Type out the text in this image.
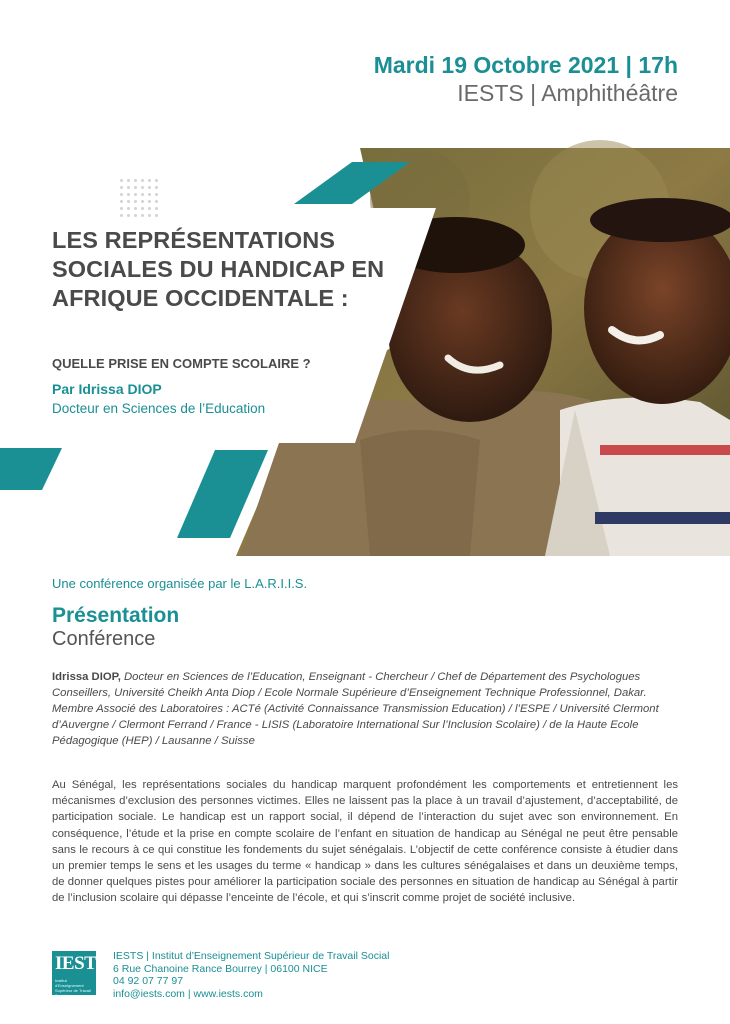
Mardi 19 Octobre 2021 | 17h
IESTS | Amphithéâtre
LES REPRÉSENTATIONS SOCIALES DU HANDICAP EN AFRIQUE OCCIDENTALE :
QUELLE PRISE EN COMPTE SCOLAIRE ?
Par Idrissa DIOP
Docteur en Sciences de l’Education
Une conférence organisée par le L.A.R.I.I.S.
Présentation
Conférence
Idrissa DIOP, Docteur en Sciences de l’Education, Enseignant - Chercheur / Chef de Département des Psychologues Conseillers, Université Cheikh Anta Diop / Ecole Normale Supérieure d’Enseignement Technique Professionnel, Dakar. Membre Associé des Laboratoires : ACTé (Activité Connaissance Transmission Education) / l’ESPE / Université Clermont d’Auvergne / Clermont Ferrand / France - LISIS (Laboratoire International Sur l’Inclusion Scolaire) / de la Haute Ecole Pédagogique (HEP) / Lausanne / Suisse
Au Sénégal, les représentations sociales du handicap marquent profondément les comportements et entretiennent les mécanismes d’exclusion des personnes victimes. Elles ne laissent pas la place à un travail d’ajustement, d’acceptabilité, de participation sociale. Le handicap est un rapport social, il dépend de l’interaction du sujet avec son environnement. En conséquence, l’étude et la prise en compte scolaire de l’enfant en situation de handicap au Sénégal ne peut être pensable sans le recours à ce qui constitue les fondements du sujet sénégalais. L’objectif de cette conférence consiste à étudier dans un premier temps le sens et les usages du terme « handicap » dans les cultures sénégalaises et dans un deuxième temps, de donner quelques pistes pour améliorer la participation sociale des personnes en situation de handicap au Sénégal à partir de l’inclusion scolaire qui dépasse l’enceinte de l’école, et qui s’inscrit comme projet de société inclusive.
IESTS
Institut d'Enseignement Supérieur de Travail Social
IESTS | Institut d’Enseignement Supérieur de Travail Social
6 Rue Chanoine Rance Bourrey | 06100 NICE
04 92 07 77 97
info@iests.com | www.iests.com
